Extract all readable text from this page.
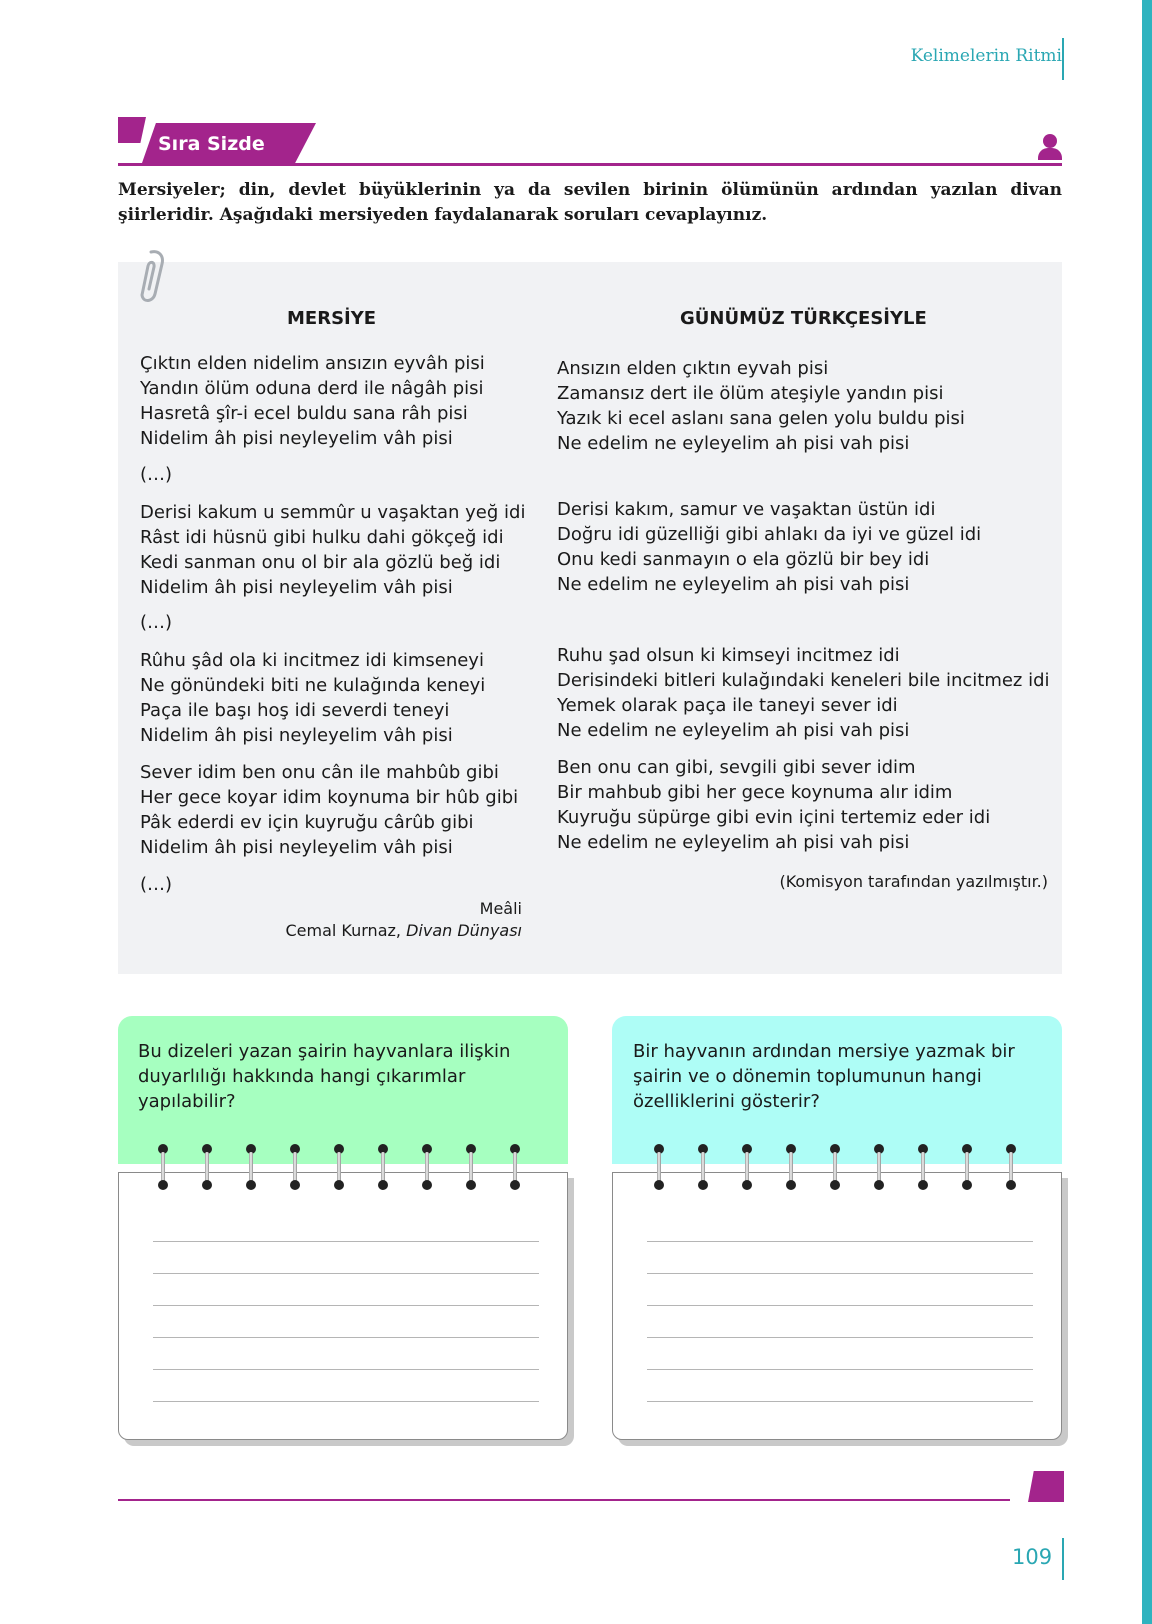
Kelimelerin Ritmi
Sıra Sizde
Mersiyeler; din, devlet büyüklerinin ya da sevilen birinin ölümünün ardından yazılan divan şiirleridir. Aşağıdaki mersiyeden faydalanarak soruları cevaplayınız.
MERSİYE	GÜNÜMÜZ TÜRKÇESİYLE
Çıktın elden nidelim ansızın eyvâh pisi
Yandın ölüm oduna derd ile nâgâh pisi
Hasretâ şîr-i ecel buldu sana râh pisi
Nidelim âh pisi neyleyelim vâh pisi
(…)
Derisi kakum u semmûr u vaşaktan yeğ idi
Râst idi hüsnü gibi hulku dahi gökçeğ idi
Kedi sanman onu ol bir ala gözlü beğ idi
Nidelim âh pisi neyleyelim vâh pisi
(…)
Rûhu şâd ola ki incitmez idi kimseneyi
Ne gönündeki biti ne kulağında keneyi
Paça ile başı hoş idi severdi teneyi
Nidelim âh pisi neyleyelim vâh pisi
Sever idim ben onu cân ile mahbûb gibi
Her gece koyar idim koynuma bir hûb gibi
Pâk ederdi ev için kuyruğu cârûb gibi
Nidelim âh pisi neyleyelim vâh pisi
(…)
Meâli
Cemal Kurnaz, Divan Dünyası
Ansızın elden çıktın eyvah pisi
Zamansız dert ile ölüm ateşiyle yandın pisi
Yazık ki ecel aslanı sana gelen yolu buldu pisi
Ne edelim ne eyleyelim ah pisi vah pisi
Derisi kakım, samur ve vaşaktan üstün idi
Doğru idi güzelliği gibi ahlakı da iyi ve güzel idi
Onu kedi sanmayın o ela gözlü bir bey idi
Ne edelim ne eyleyelim ah pisi vah pisi
Ruhu şad olsun ki kimseyi incitmez idi
Derisindeki bitleri kulağındaki keneleri bile incitmez idi
Yemek olarak paça ile taneyi sever idi
Ne edelim ne eyleyelim ah pisi vah pisi
Ben onu can gibi, sevgili gibi sever idim
Bir mahbub gibi her gece koynuma alır idim
Kuyruğu süpürge gibi evin içini tertemiz eder idi
Ne edelim ne eyleyelim ah pisi vah pisi
(Komisyon tarafından yazılmıştır.)
Bu dizeleri yazan şairin hayvanlara ilişkin duyarlılığı hakkında hangi çıkarımlar yapılabilir?
Bir hayvanın ardından mersiye yazmak bir şairin ve o dönemin toplumunun hangi özelliklerini gösterir?
109
